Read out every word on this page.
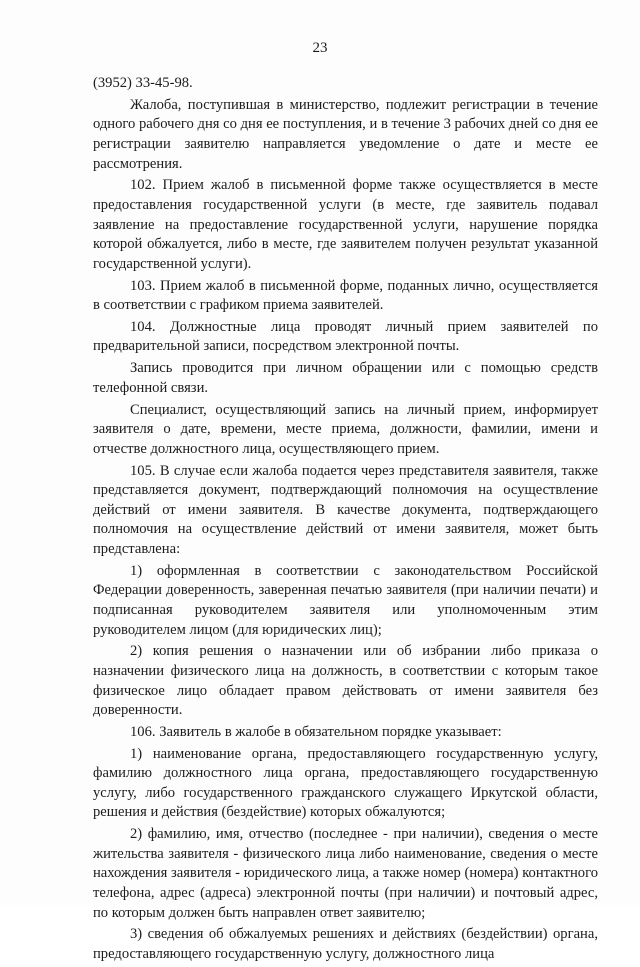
23

(3952) 33-45-98.

Жалоба, поступившая в министерство, подлежит регистрации в течение одного рабочего дня со дня ее поступления, и в течение 3 рабочих дней со дня ее регистрации заявителю направляется уведомление о дате и месте ее рассмотрения.

102. Прием жалоб в письменной форме также осуществляется в месте предоставления государственной услуги (в месте, где заявитель подавал заявление на предоставление государственной услуги, нарушение порядка которой обжалуется, либо в месте, где заявителем получен результат указанной государственной услуги).

103. Прием жалоб в письменной форме, поданных лично, осуществляется в соответствии с графиком приема заявителей.

104. Должностные лица проводят личный прием заявителей по предварительной записи, посредством электронной почты.

Запись проводится при личном обращении или с помощью средств телефонной связи.

Специалист, осуществляющий запись на личный прием, информирует заявителя о дате, времени, месте приема, должности, фамилии, имени и отчестве должностного лица, осуществляющего прием.

105. В случае если жалоба подается через представителя заявителя, также представляется документ, подтверждающий полномочия на осуществление действий от имени заявителя. В качестве документа, подтверждающего полномочия на осуществление действий от имени заявителя, может быть представлена:

1) оформленная в соответствии с законодательством Российской Федерации доверенность, заверенная печатью заявителя (при наличии печати) и подписанная руководителем заявителя или уполномоченным этим руководителем лицом (для юридических лиц);

2) копия решения о назначении или об избрании либо приказа о назначении физического лица на должность, в соответствии с которым такое физическое лицо обладает правом действовать от имени заявителя без доверенности.

106. Заявитель в жалобе в обязательном порядке указывает:

1) наименование органа, предоставляющего государственную услугу, фамилию должностного лица органа, предоставляющего государственную услугу, либо государственного гражданского служащего Иркутской области, решения и действия (бездействие) которых обжалуются;

2) фамилию, имя, отчество (последнее - при наличии), сведения о месте жительства заявителя - физического лица либо наименование, сведения о месте нахождения заявителя - юридического лица, а также номер (номера) контактного телефона, адрес (адреса) электронной почты (при наличии) и почтовый адрес, по которым должен быть направлен ответ заявителю;

3) сведения об обжалуемых решениях и действиях (бездействии) органа, предоставляющего государственную услугу, должностного лица
